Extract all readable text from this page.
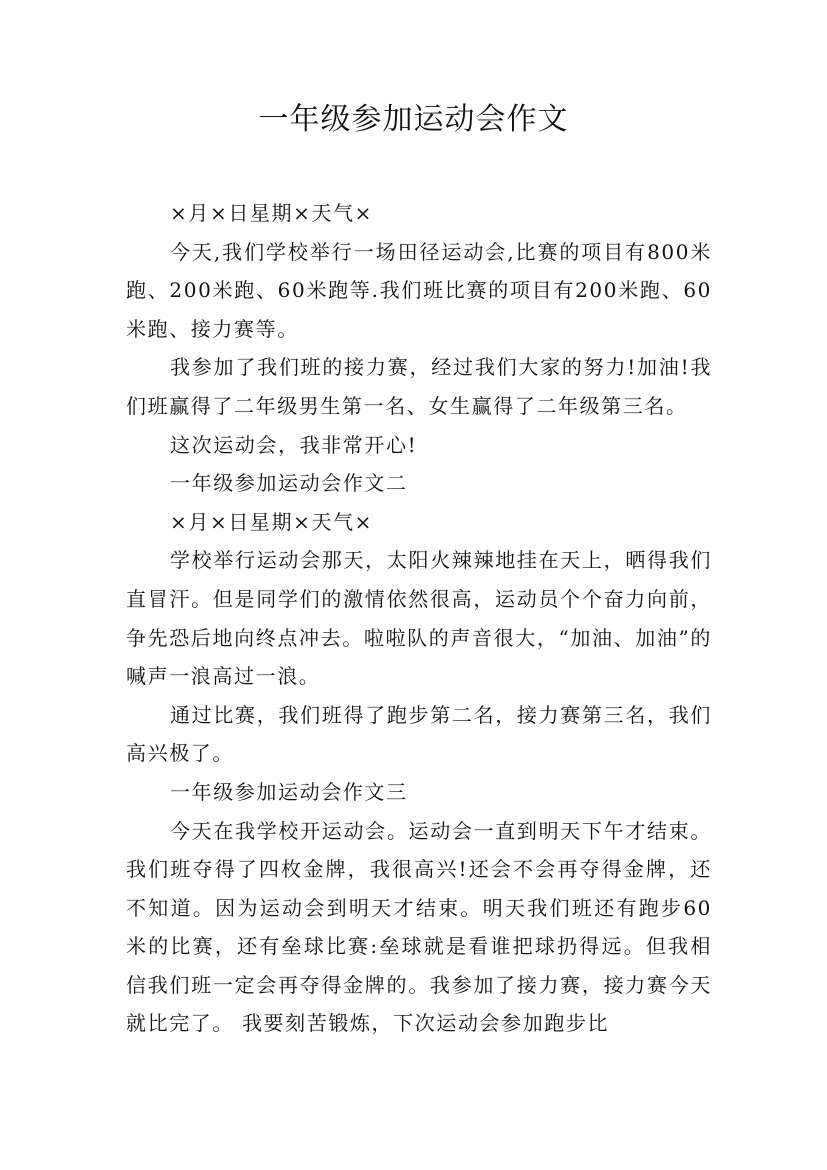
一年级参加运动会作文

×月×日星期×天气×

今天,我们学校举行一场田径运动会,比赛的项目有800米跑、200米跑、60米跑等.我们班比赛的项目有200米跑、60米跑、接力赛等。

我参加了我们班的接力赛，经过我们大家的努力!加油!我们班赢得了二年级男生第一名、女生赢得了二年级第三名。

这次运动会，我非常开心!

一年级参加运动会作文二

×月×日星期×天气×

学校举行运动会那天，太阳火辣辣地挂在天上，晒得我们直冒汗。但是同学们的激情依然很高，运动员个个奋力向前，争先恐后地向终点冲去。啦啦队的声音很大，“加油、加油”的喊声一浪高过一浪。

通过比赛，我们班得了跑步第二名，接力赛第三名，我们高兴极了。

一年级参加运动会作文三

今天在我学校开运动会。运动会一直到明天下午才结束。我们班夺得了四枚金牌，我很高兴!还会不会再夺得金牌，还不知道。因为运动会到明天才结束。明天我们班还有跑步60米的比赛，还有垒球比赛:垒球就是看谁把球扔得远。但我相信我们班一定会再夺得金牌的。我参加了接力赛，接力赛今天就比完了。 我要刻苦锻炼，下次运动会参加跑步比
